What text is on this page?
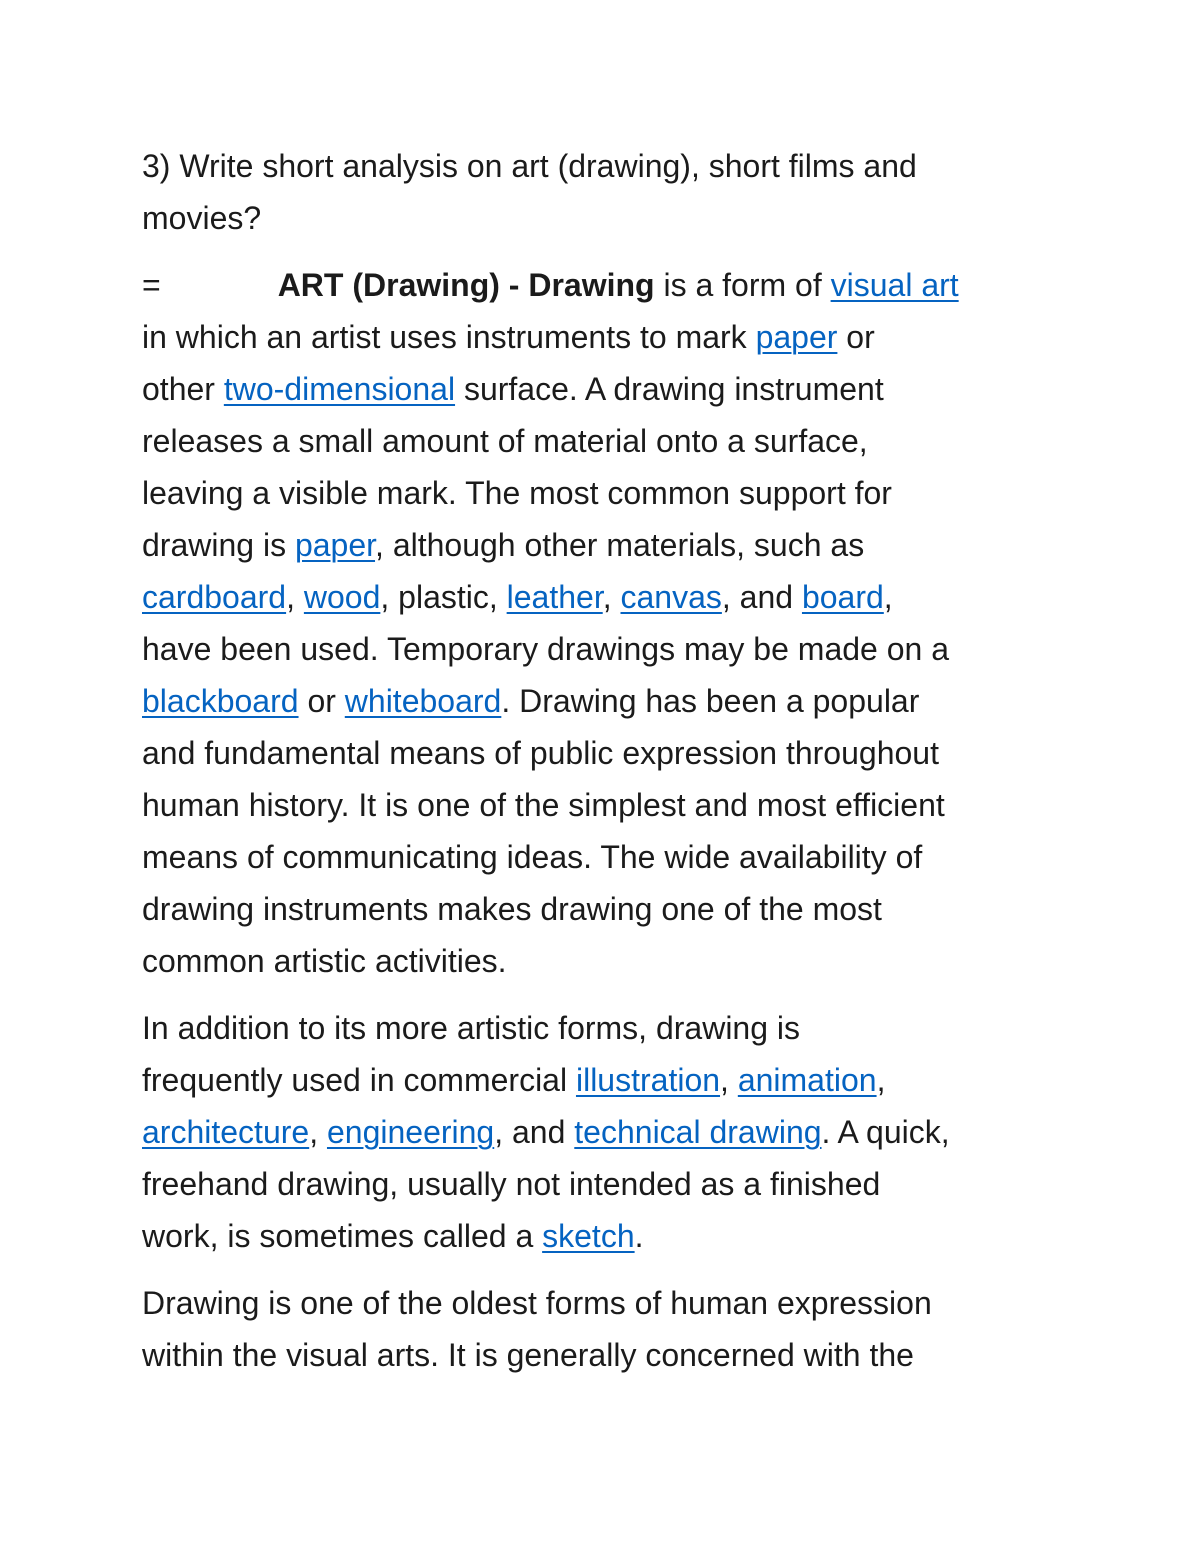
3) Write short analysis on art (drawing), short films and
movies?
=	ART (Drawing) - Drawing is a form of visual art
in which an artist uses instruments to mark paper or
other two-dimensional surface. A drawing instrument
releases a small amount of material onto a surface,
leaving a visible mark. The most common support for
drawing is paper, although other materials, such as
cardboard, wood, plastic, leather, canvas, and board,
have been used. Temporary drawings may be made on a
blackboard or whiteboard. Drawing has been a popular
and fundamental means of public expression throughout
human history. It is one of the simplest and most efficient
means of communicating ideas. The wide availability of
drawing instruments makes drawing one of the most
common artistic activities.
In addition to its more artistic forms, drawing is
frequently used in commercial illustration, animation,
architecture, engineering, and technical drawing. A quick,
freehand drawing, usually not intended as a finished
work, is sometimes called a sketch.
Drawing is one of the oldest forms of human expression
within the visual arts. It is generally concerned with the
